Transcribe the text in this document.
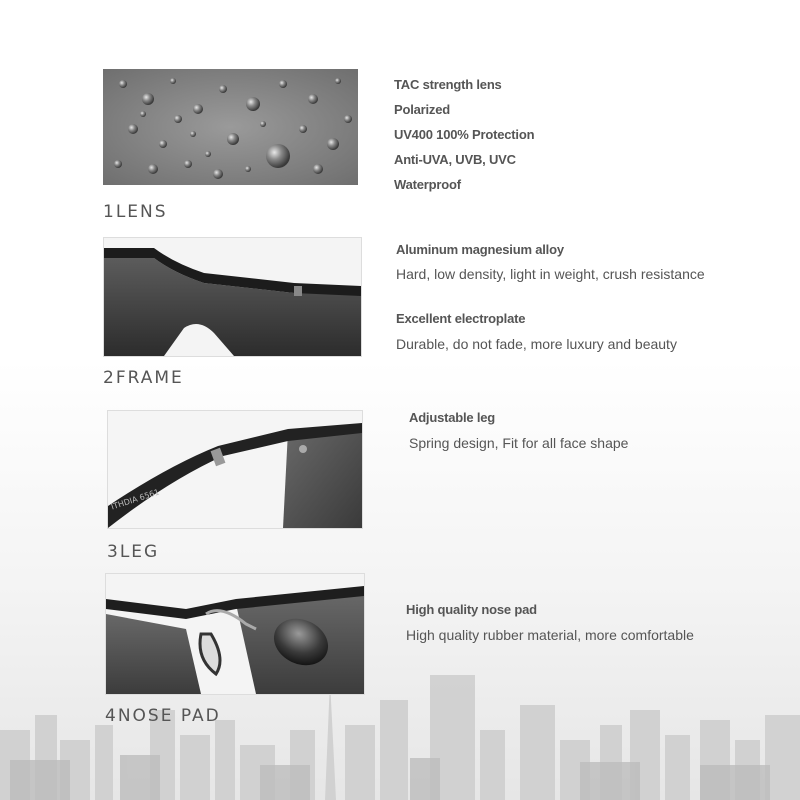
1LENS
TAC strength lens
Polarized
UV400 100% Protection
Anti-UVA, UVB, UVC
Waterproof
2FRAME
Aluminum magnesium alloy
Hard, low density, light in weight, crush resistance
Excellent electroplate
Durable, do not fade, more luxury and beauty
ITHDIA 6561
3LEG
Adjustable leg
Spring design, Fit for all face shape
4NOSE PAD
High quality nose pad
High quality rubber material, more comfortable
